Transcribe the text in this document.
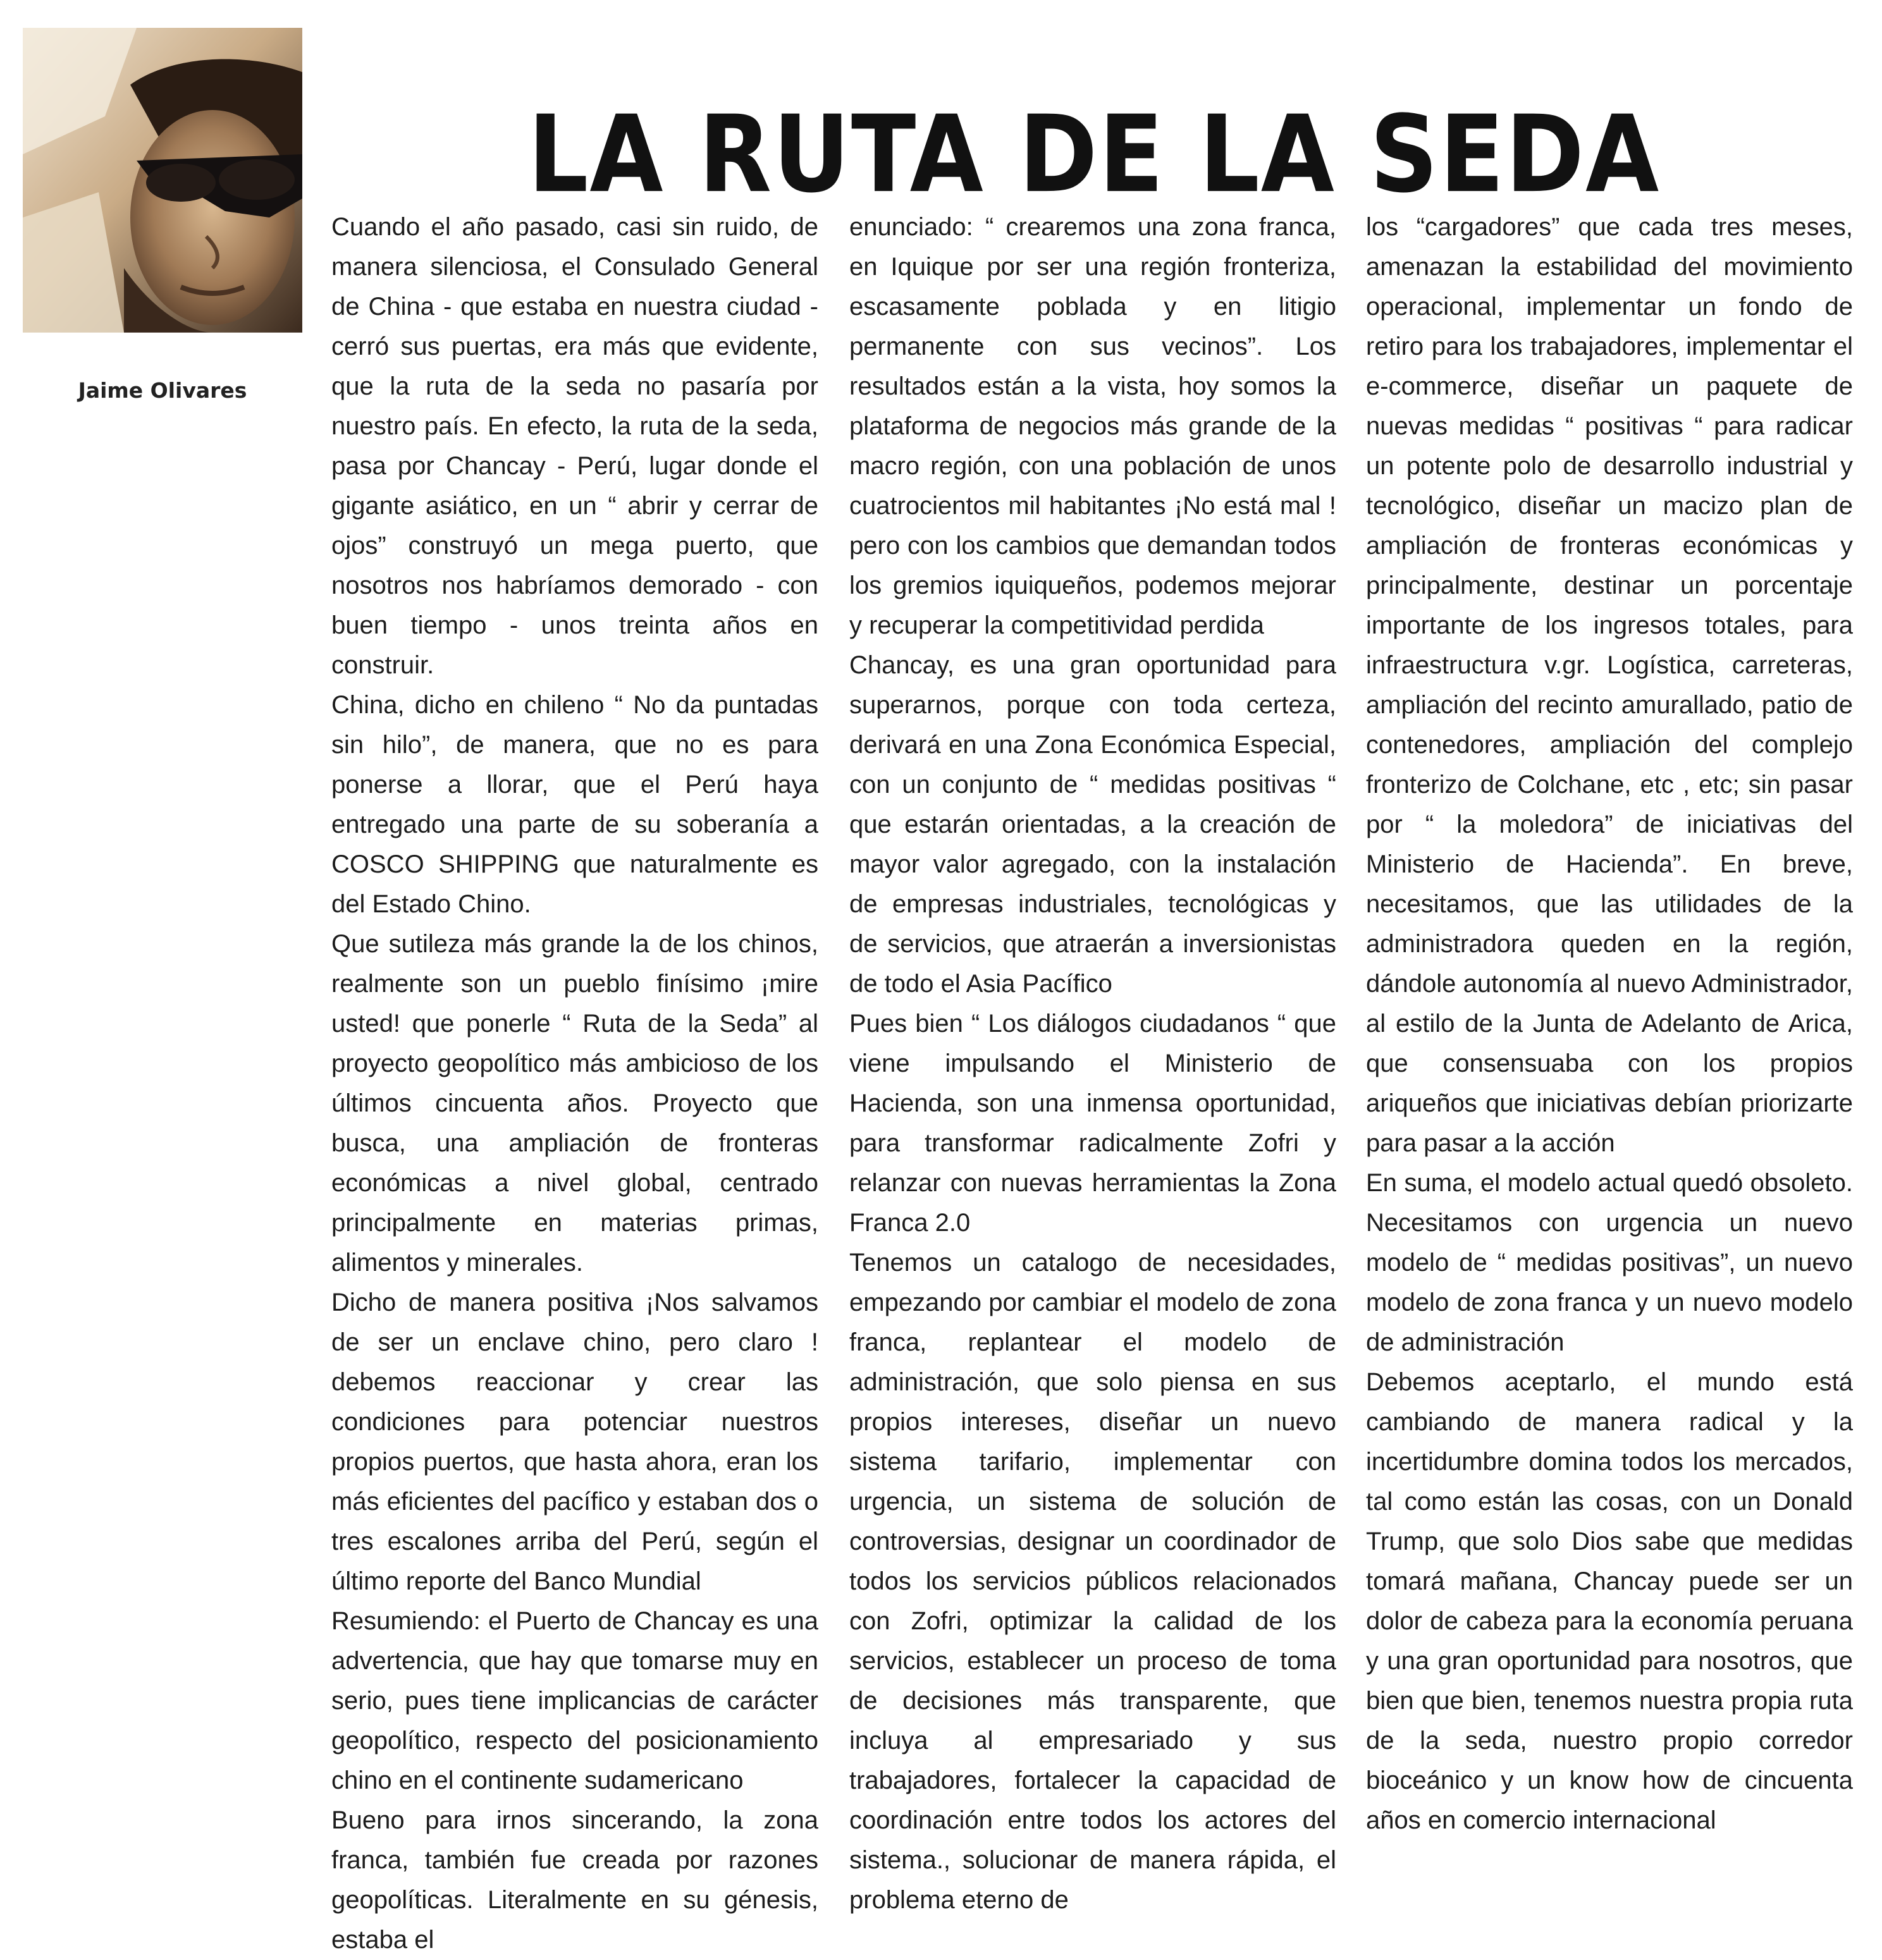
Jaime Olivares
LA RUTA DE LA SEDA

Cuando el año pasado, casi sin ruido, de manera silenciosa, el Consulado General de China - que estaba en nuestra ciudad - cerró sus puertas, era más que evidente, que la ruta de la seda no pasaría por nuestro país. En efecto, la ruta de la seda, pasa por Chancay - Perú, lugar donde el gigante asiático, en un “ abrir y cerrar de ojos” construyó un mega puerto, que nosotros nos habríamos demorado - con buen tiempo - unos treinta años en construir.

China, dicho en chileno “ No da puntadas sin hilo”, de manera, que no es para ponerse a llorar, que el Perú haya entregado una parte de su soberanía a COSCO SHIPPING que naturalmente es del Estado Chino.

Que sutileza más grande la de los chinos, realmente son un pueblo finísimo ¡mire usted! que ponerle “ Ruta de la Seda” al proyecto geopolítico más ambicioso de los últimos cincuenta años. Proyecto que busca, una ampliación de fronteras económicas a nivel global, centrado principalmente en materias primas, alimentos y minerales.

Dicho de manera positiva ¡Nos salvamos de ser un enclave chino, pero claro ! debemos reaccionar y crear las condiciones para potenciar nuestros propios puertos, que hasta ahora, eran los más eficientes del pacífico y estaban dos o tres escalones arriba del Perú, según el último reporte del Banco Mundial

Resumiendo: el Puerto de Chancay es una advertencia, que hay que tomarse muy en serio, pues tiene implicancias de carácter geopolítico, respecto del posicionamiento chino en el continente sudamericano

Bueno para irnos sincerando, la zona franca, también fue creada por razones geopolíticas. Literalmente en su génesis, estaba el

enunciado: “ crearemos una zona franca, en Iquique por ser una región fronteriza, escasamente poblada y en litigio permanente con sus vecinos”. Los resultados están a la vista, hoy somos la plataforma de negocios más grande de la macro región, con una población de unos cuatrocientos mil habitantes ¡No está mal ! pero con los cambios que demandan todos los gremios iquiqueños, podemos mejorar y recuperar la competitividad perdida

Chancay, es una gran oportunidad para superarnos, porque con toda certeza, derivará en una Zona Económica Especial, con un conjunto de “ medidas positivas “ que estarán orientadas, a la creación de mayor valor agregado, con la instalación de empresas industriales, tecnológicas y de servicios, que atraerán a inversionistas de todo el Asia Pacífico

Pues bien “ Los diálogos ciudadanos “ que viene impulsando el Ministerio de Hacienda, son una inmensa oportunidad, para transformar radicalmente Zofri y relanzar con nuevas herramientas la Zona Franca 2.0

Tenemos un catalogo de necesidades, empezando por cambiar el modelo de zona franca, replantear el modelo de administración, que solo piensa en sus propios intereses, diseñar un nuevo sistema tarifario, implementar con urgencia, un sistema de solución de controversias, designar un coordinador de todos los servicios públicos relacionados con Zofri, optimizar la calidad de los servicios, establecer un proceso de toma de decisiones más transparente, que incluya al empresariado y sus trabajadores, fortalecer la capacidad de coordinación entre todos los actores del sistema., solucionar de manera rápida, el problema eterno de

los “cargadores” que cada tres meses, amenazan la estabilidad del movimiento operacional, implementar un fondo de retiro para los trabajadores, implementar el e-commerce, diseñar un paquete de nuevas medidas “ positivas “ para radicar un potente polo de desarrollo industrial y tecnológico, diseñar un macizo plan de ampliación de fronteras económicas y principalmente, destinar un porcentaje importante de los ingresos totales, para infraestructura v.gr. Logística, carreteras, ampliación del recinto amurallado, patio de contenedores, ampliación del complejo fronterizo de Colchane, etc , etc; sin pasar por “ la moledora” de iniciativas del Ministerio de Hacienda”. En breve, necesitamos, que las utilidades de la administradora queden en la región, dándole autonomía al nuevo Administrador, al estilo de la Junta de Adelanto de Arica, que consensuaba con los propios ariqueños que iniciativas debían priorizarte para pasar a la acción

En suma, el modelo actual quedó obsoleto. Necesitamos con urgencia un nuevo modelo de “ medidas positivas”, un nuevo modelo de zona franca y un nuevo modelo de administración

Debemos aceptarlo, el mundo está cambiando de manera radical y la incertidumbre domina todos los mercados, tal como están las cosas, con un Donald Trump, que solo Dios sabe que medidas tomará mañana, Chancay puede ser un dolor de cabeza para la economía peruana y una gran oportunidad para nosotros, que bien que bien, tenemos nuestra propia ruta de la seda, nuestro propio corredor bioceánico y un know how de cincuenta años en comercio internacional
